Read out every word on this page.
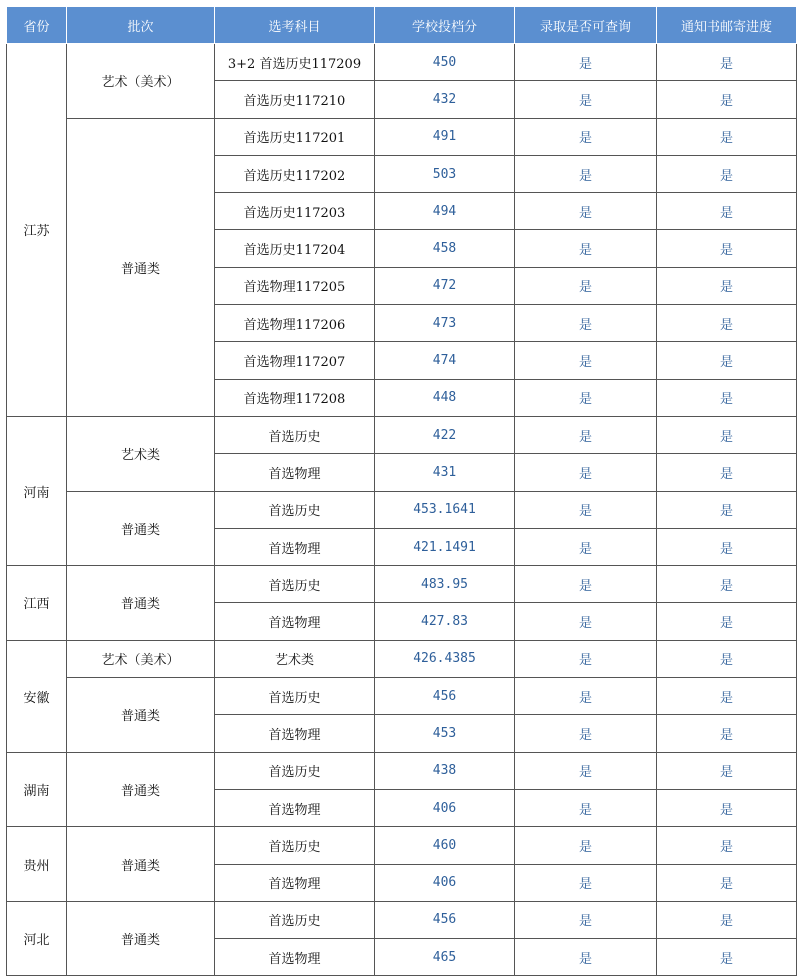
省份	批次	选考科目	学校投档分	录取是否可查询	通知书邮寄进度
江苏	艺术（美术）	3+2 首选历史117209	450	是	是
		首选历史117210	432	是	是
	普通类	首选历史117201	491	是	是
		首选历史117202	503	是	是
		首选历史117203	494	是	是
		首选历史117204	458	是	是
		首选物理117205	472	是	是
		首选物理117206	473	是	是
		首选物理117207	474	是	是
		首选物理117208	448	是	是
河南	艺术类	首选历史	422	是	是
		首选物理	431	是	是
	普通类	首选历史	453.1641	是	是
		首选物理	421.1491	是	是
江西	普通类	首选历史	483.95	是	是
		首选物理	427.83	是	是
安徽	艺术（美术）	艺术类	426.4385	是	是
	普通类	首选历史	456	是	是
		首选物理	453	是	是
湖南	普通类	首选历史	438	是	是
		首选物理	406	是	是
贵州	普通类	首选历史	460	是	是
		首选物理	406	是	是
河北	普通类	首选历史	456	是	是
		首选物理	465	是	是
